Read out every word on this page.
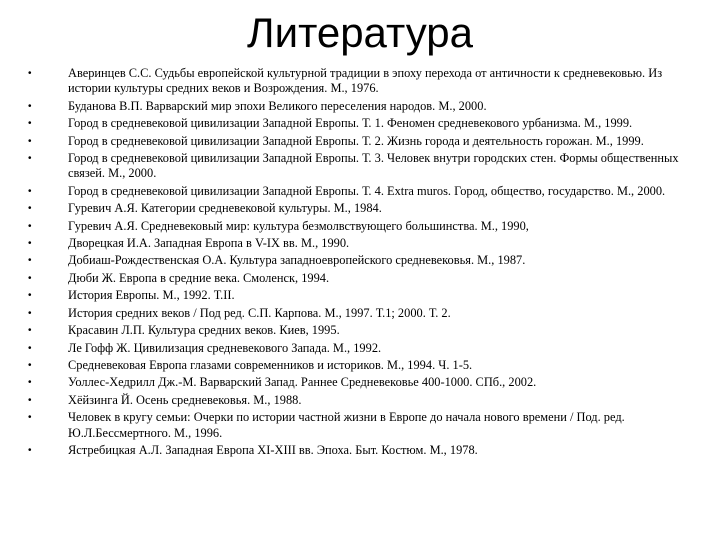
Литература
•	Аверинцев С.С. Судьбы европейской культурной традиции в эпоху перехода от античности к средневековью. Из истории культуры средних веков и Возрождения. М., 1976.
•	Буданова В.П. Варварский мир эпохи Великого переселения народов. М., 2000.
•	Город в средневековой цивилизации Западной Европы. Т. 1. Феномен средневекового урбанизма. М., 1999.
•	Город в средневековой цивилизации Западной Европы. Т. 2. Жизнь города и деятельность горожан. М., 1999.
•	Город в средневековой цивилизации Западной Европы. Т. 3. Человек внутри городских стен. Формы общественных связей. М., 2000.
•	Город в средневековой цивилизации Западной Европы. Т. 4. Extra muros. Город, общество, государство. М., 2000.
•	Гуревич А.Я. Категории средневековой культуры. М., 1984.
•	Гуревич А.Я. Средневековый мир: культура безмолвствующего большинства. М., 1990,
•	Дворецкая И.А. Западная Европа в V-IX вв. М., 1990.
•	Добиаш-Рождественская О.А. Культура западноевропейского средневековья. М., 1987.
•	Дюби Ж. Европа в средние века. Смоленск, 1994.
•	История Европы. М., 1992. Т.II.
•	История средних веков / Под ред. С.П. Карпова. М., 1997. Т.1; 2000. Т. 2.
•	Красавин Л.П. Культура средних веков. Киев, 1995.
•	Ле Гофф Ж. Цивилизация средневекового Запада. М., 1992.
•	Средневековая Европа глазами современников и историков. М., 1994. Ч. 1-5.
•	Уоллес-Хедрилл Дж.-М. Варварский Запад. Раннее Средневековье 400-1000. СПб., 2002.
•	Хёйзинга Й. Осень средневековья. М., 1988.
•	Человек в кругу семьи: Очерки по истории частной жизни в Европе до начала нового времени / Под. ред. Ю.Л.Бессмертного. М., 1996.
•	Ястребицкая А.Л. Западная Европа XI-XIII вв. Эпоха. Быт. Костюм. М., 1978.
